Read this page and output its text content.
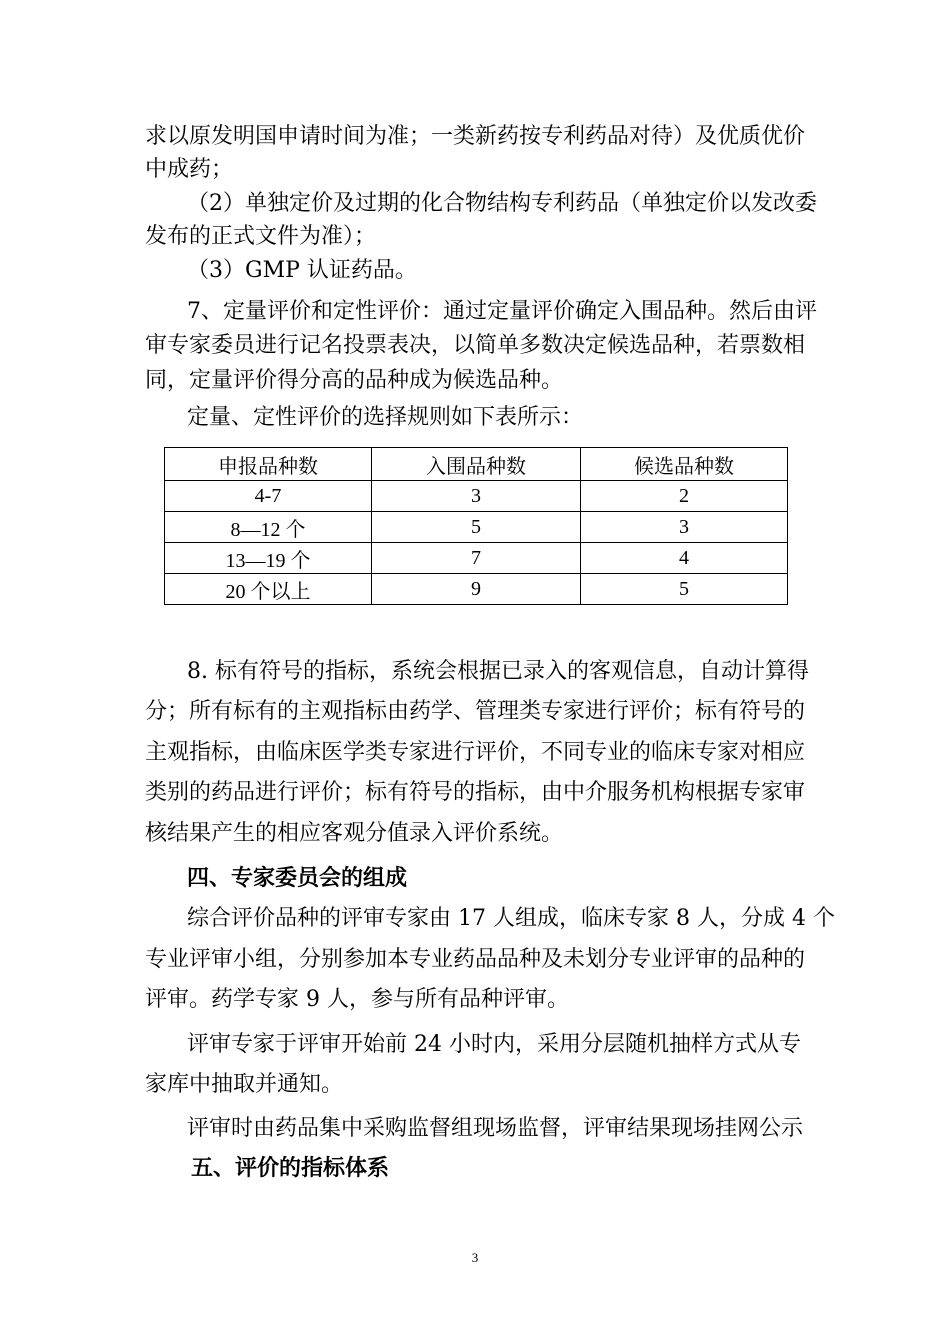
求以原发明国申请时间为准；一类新药按专利药品对待）及优质优价
中成药；
（2）单独定价及过期的化合物结构专利药品（单独定价以发改委
发布的正式文件为准）；
（3）GMP 认证药品。
7、定量评价和定性评价：通过定量评价确定入围品种。然后由评
审专家委员进行记名投票表决，以简单多数决定候选品种，若票数相
同，定量评价得分高的品种成为候选品种。
定量、定性评价的选择规则如下表所示：
申报品种数	入围品种数	候选品种数
4-7	3	2
8—12 个	5	3
13—19 个	7	4
20 个以上	9	5
8. 标有符号的指标，系统会根据已录入的客观信息，自动计算得
分；所有标有的主观指标由药学、管理类专家进行评价；标有符号的
主观指标，由临床医学类专家进行评价，不同专业的临床专家对相应
类别的药品进行评价；标有符号的指标，由中介服务机构根据专家审
核结果产生的相应客观分值录入评价系统。
四、专家委员会的组成
综合评价品种的评审专家由 17 人组成，临床专家 8 人，分成 4 个
专业评审小组，分别参加本专业药品品种及未划分专业评审的品种的
评审。药学专家 9 人，参与所有品种评审。
评审专家于评审开始前 24 小时内，采用分层随机抽样方式从专
家库中抽取并通知。
评审时由药品集中采购监督组现场监督，评审结果现场挂网公示
五、评价的指标体系
3
